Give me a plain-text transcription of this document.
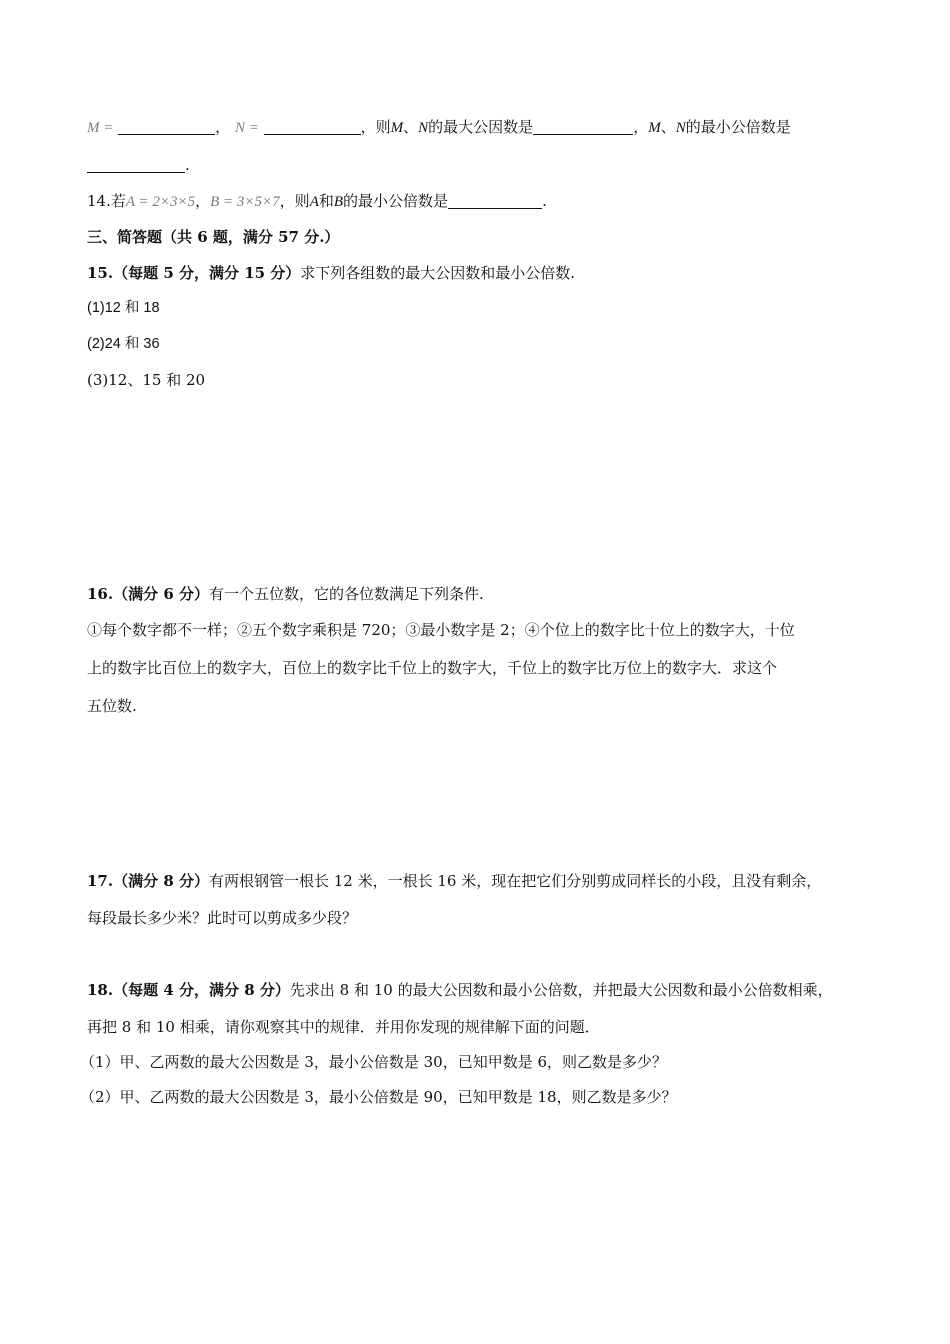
M =	， N =	，则M、N的最大公因数是	，M、N的最小公倍数是
.
14.若A = 2×3×5，B = 3×5×7，则A和B的最小公倍数是	.
三、简答题（共 6 题，满分 57 分.）
15.（每题 5 分，满分 15 分）求下列各组数的最大公因数和最小公倍数.
(1)12 和 18
(2)24 和 36
(3)12、15 和 20
16.（满分 6 分）有一个五位数，它的各位数满足下列条件.
①每个数字都不一样；②五个数字乘积是 720；③最小数字是 2；④个位上的数字比十位上的数字大，十位
上的数字比百位上的数字大，百位上的数字比千位上的数字大，千位上的数字比万位上的数字大．求这个
五位数.
17.（满分 8 分）有两根钢管一根长 12 米，一根长 16 米，现在把它们分别剪成同样长的小段，且没有剩余，
每段最长多少米？此时可以剪成多少段？
18.（每题 4 分，满分 8 分）先求出 8 和 10 的最大公因数和最小公倍数，并把最大公因数和最小公倍数相乘，
再把 8 和 10 相乘，请你观察其中的规律．并用你发现的规律解下面的问题．
（1）甲、乙两数的最大公因数是 3，最小公倍数是 30，已知甲数是 6，则乙数是多少？
（2）甲、乙两数的最大公因数是 3，最小公倍数是 90，已知甲数是 18，则乙数是多少？
